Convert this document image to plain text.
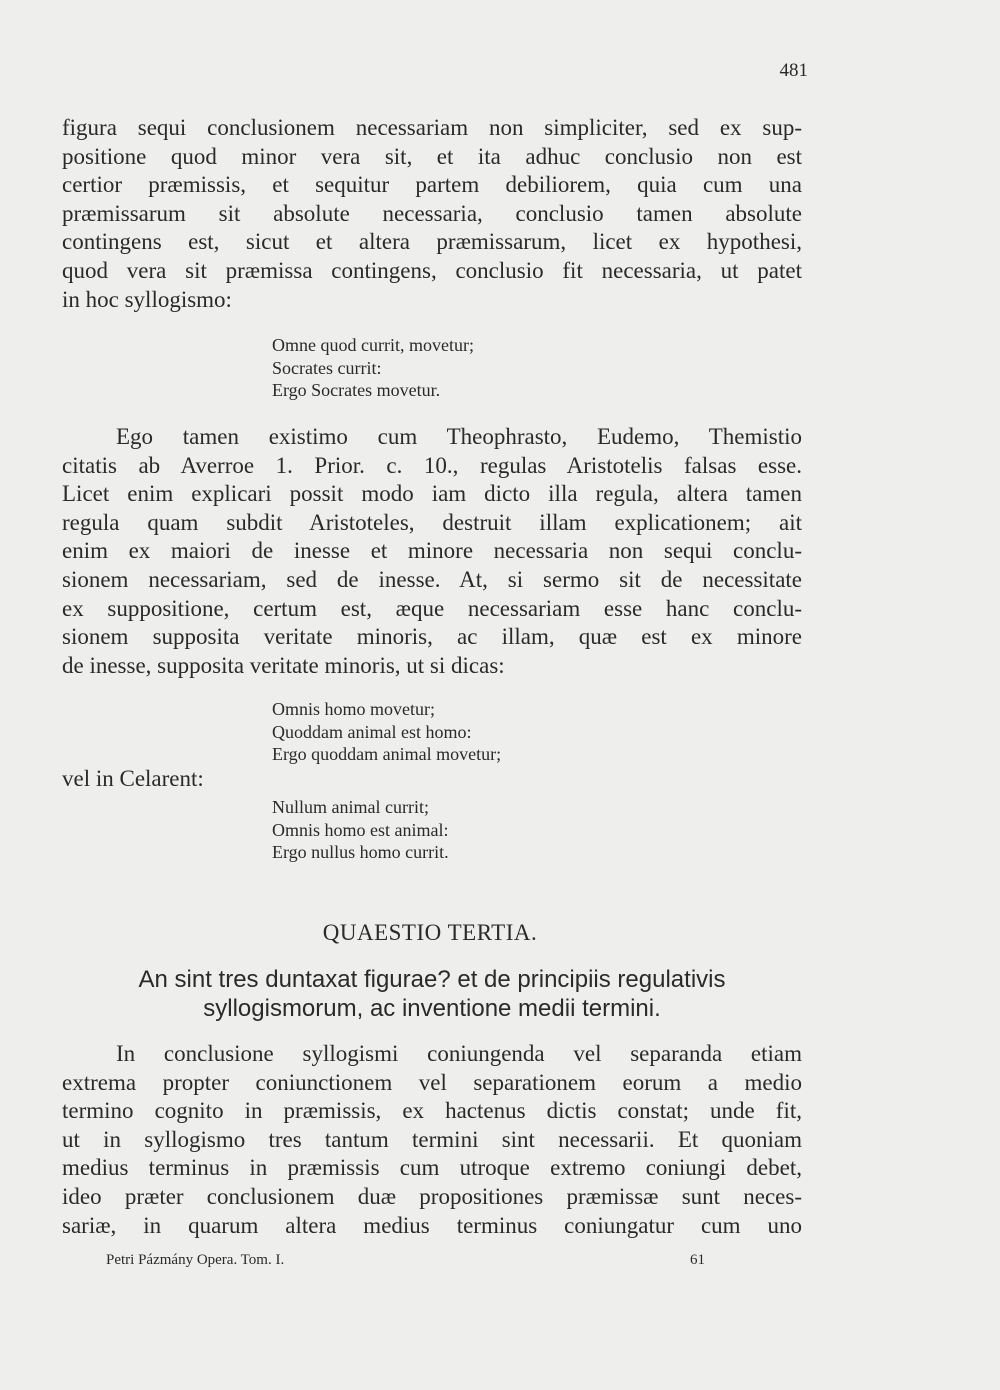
481
figura sequi conclusionem necessariam non simpliciter, sed ex sup-
positione quod minor vera sit, et ita adhuc conclusio non est
certior præmissis, et sequitur partem debiliorem, quia cum una
præmissarum sit absolute necessaria, conclusio tamen absolute
contingens est, sicut et altera præmissarum, licet ex hypothesi,
quod vera sit præmissa contingens, conclusio fit necessaria, ut patet
in hoc syllogismo:
Omne quod currit, movetur;
Socrates currit:
Ergo Socrates movetur.
Ego tamen existimo cum Theophrasto, Eudemo, Themistio
citatis ab Averroe 1. Prior. c. 10., regulas Aristotelis falsas esse.
Licet enim explicari possit modo iam dicto illa regula, altera tamen
regula quam subdit Aristoteles, destruit illam explicationem; ait
enim ex maiori de inesse et minore necessaria non sequi conclu-
sionem necessariam, sed de inesse. At, si sermo sit de necessitate
ex suppositione, certum est, æque necessariam esse hanc conclu-
sionem supposita veritate minoris, ac illam, quæ est ex minore
de inesse, supposita veritate minoris, ut si dicas:
Omnis homo movetur;
Quoddam animal est homo:
Ergo quoddam animal movetur;
vel in Celarent:
Nullum animal currit;
Omnis homo est animal:
Ergo nullus homo currit.
QUAESTIO TERTIA.
An sint tres duntaxat figurae? et de principiis regulativis
syllogismorum, ac inventione medii termini.
In conclusione syllogismi coniungenda vel separanda etiam
extrema propter coniunctionem vel separationem eorum a medio
termino cognito in præmissis, ex hactenus dictis constat; unde fit,
ut in syllogismo tres tantum termini sint necessarii. Et quoniam
medius terminus in præmissis cum utroque extremo coniungi debet,
ideo præter conclusionem duæ propositiones præmissæ sunt neces-
sariæ, in quarum altera medius terminus coniungatur cum uno
Petri Pázmány Opera. Tom. I.	61
